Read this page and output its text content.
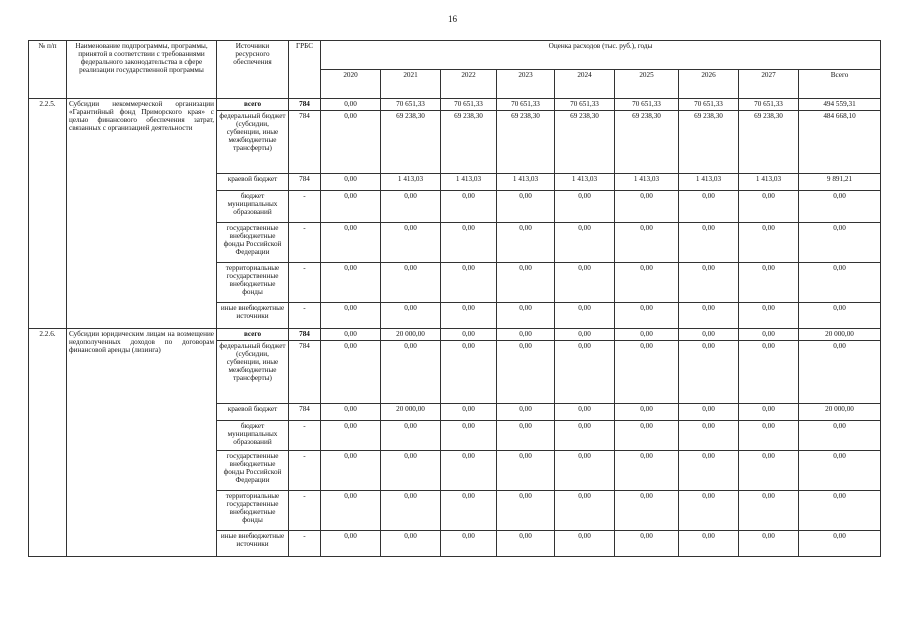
16
№ п/п	Наименование подпрограммы, программы, принятой в соответствии с требованиями федерального законодательства в сфере реализации государственной программы	Источники ресурсного обеспечения	ГРБС	Оценка расходов (тыс. руб.), годы								
				2020	2021	2022	2023	2024	2025	2026	2027	Всего
2.2.5.	Субсидии некоммерческой организации «Гарантийный фонд Приморского края» с целью финансового обеспечения затрат, связанных с организацией деятельности	всего	784	0,00	70 651,33	70 651,33	70 651,33	70 651,33	70 651,33	70 651,33	70 651,33	494 559,31
		федеральный бюджет (субсидии, субвенции, иные межбюджетные трансферты)	784	0,00	69 238,30	69 238,30	69 238,30	69 238,30	69 238,30	69 238,30	69 238,30	484 668,10
		краевой бюджет	784	0,00	1 413,03	1 413,03	1 413,03	1 413,03	1 413,03	1 413,03	1 413,03	9 891,21
		бюджет муниципальных образований	-	0,00	0,00	0,00	0,00	0,00	0,00	0,00	0,00	0,00
		государственные внебюджетные фонды Российской Федерации	-	0,00	0,00	0,00	0,00	0,00	0,00	0,00	0,00	0,00
		территориальные государственные внебюджетные фонды	-	0,00	0,00	0,00	0,00	0,00	0,00	0,00	0,00	0,00
		иные внебюджетные источники	-	0,00	0,00	0,00	0,00	0,00	0,00	0,00	0,00	0,00
2.2.6.	Субсидии юридическим лицам на возмещение недополученных доходов по договорам финансовой аренды (лизинга)	всего	784	0,00	20 000,00	0,00	0,00	0,00	0,00	0,00	0,00	20 000,00
		федеральный бюджет (субсидии, субвенции, иные межбюджетные трансферты)	784	0,00	0,00	0,00	0,00	0,00	0,00	0,00	0,00	0,00
		краевой бюджет	784	0,00	20 000,00	0,00	0,00	0,00	0,00	0,00	0,00	20 000,00
		бюджет муниципальных образований	-	0,00	0,00	0,00	0,00	0,00	0,00	0,00	0,00	0,00
		государственные внебюджетные фонды Российской Федерации	-	0,00	0,00	0,00	0,00	0,00	0,00	0,00	0,00	0,00
		территориальные государственные внебюджетные фонды	-	0,00	0,00	0,00	0,00	0,00	0,00	0,00	0,00	0,00
		иные внебюджетные источники	-	0,00	0,00	0,00	0,00	0,00	0,00	0,00	0,00	0,00
